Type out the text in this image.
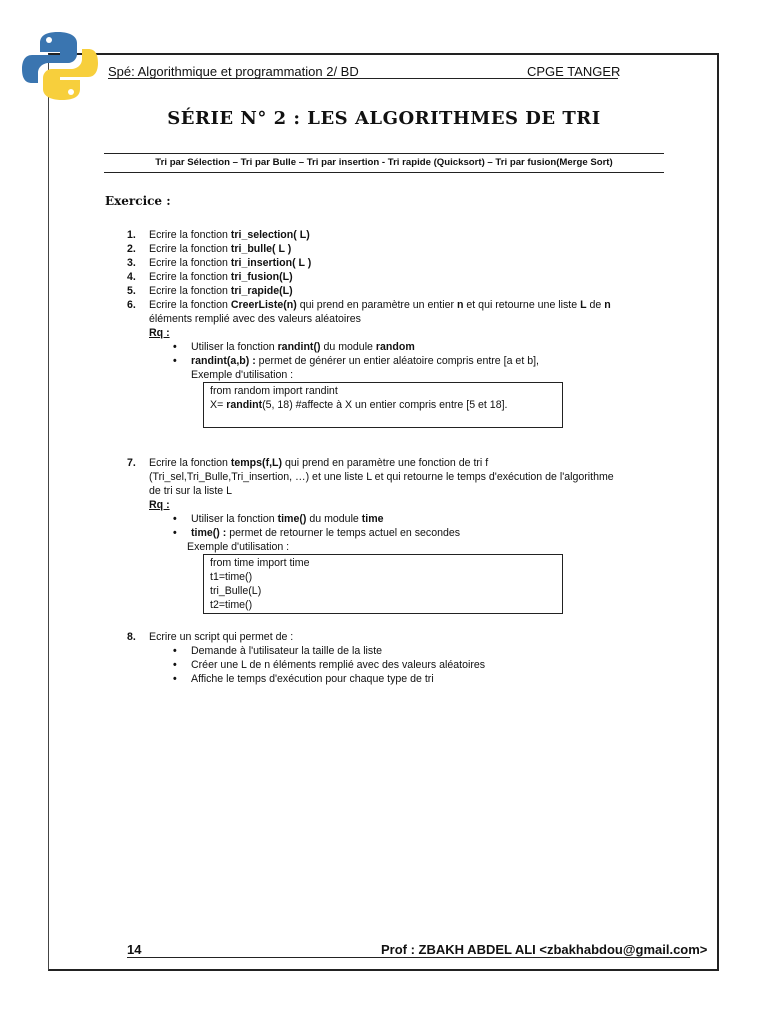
Spé: Algorithmique et programmation 2/ BD	CPGE TANGER
SÉRIE N° 2 : LES ALGORITHMES DE TRI
Tri par Sélection – Tri par Bulle – Tri par insertion - Tri rapide (Quicksort) – Tri par fusion(Merge Sort)
Exercice :
1.	Ecrire la fonction tri_selection( L)
2.	Ecrire la fonction tri_bulle( L )
3.	Ecrire la fonction tri_insertion( L )
4.	Ecrire la fonction tri_fusion(L)
5.	Ecrire la fonction tri_rapide(L)
6.	Ecrire la fonction CreerListe(n) qui prend en paramètre un entier n et qui retourne une liste L de n
éléments remplié avec des valeurs aléatoires
Rq :
• Utiliser la fonction randint() du module random
• randint(a,b) : permet de générer un entier aléatoire compris entre [a et b],
Exemple d'utilisation :
from random import randint
X= randint(5, 18) #affecte à X un entier compris entre [5 et 18].
7.	Ecrire la fonction temps(f,L) qui prend en paramètre une fonction de tri f
(Tri_sel,Tri_Bulle,Tri_insertion, …) et une liste L et qui retourne le temps d'exécution de l'algorithme
de tri sur la liste L
Rq :
• Utiliser la fonction time() du module time
• time() : permet de retourner le temps actuel en secondes
Exemple d'utilisation :
from time import time
t1=time()
tri_Bulle(L)
t2=time()
8.	Ecrire un script qui permet de :
• Demande à l'utilisateur la taille de la liste
• Créer une L de n éléments remplié avec des valeurs aléatoires
• Affiche le temps d'exécution pour chaque type de tri
14	Prof : ZBAKH ABDEL ALI <zbakhabdou@gmail.com>
